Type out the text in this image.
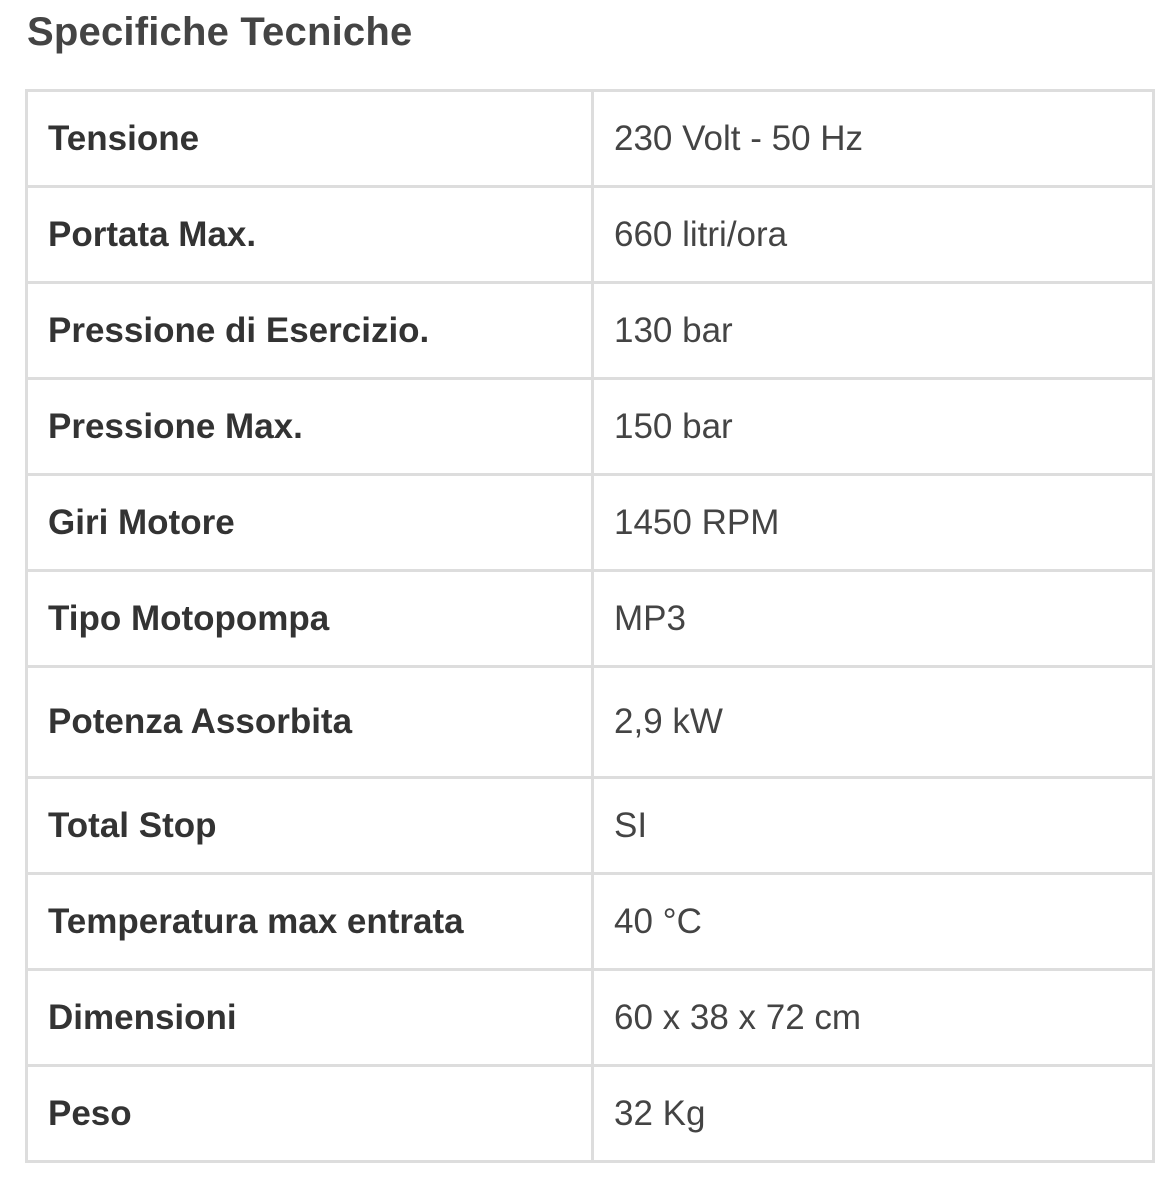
Specifiche Tecniche
Tensione	230 Volt - 50 Hz
Portata Max.	660 litri/ora
Pressione di Esercizio.	130 bar
Pressione Max.	150 bar
Giri Motore	1450 RPM
Tipo Motopompa	MP3
Potenza Assorbita	2,9 kW
Total Stop	SI
Temperatura max entrata	40 °C
Dimensioni	60 x 38 x 72 cm
Peso	32 Kg
